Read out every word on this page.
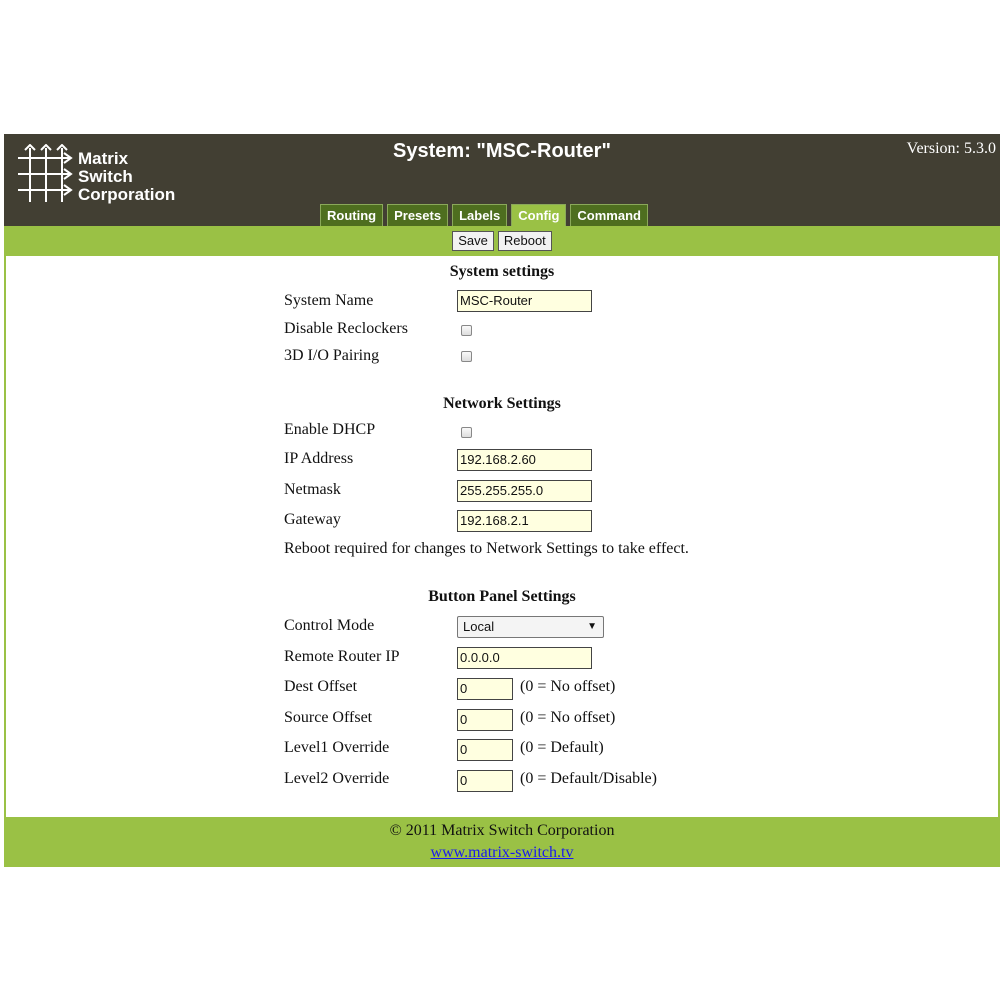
Matrix
Switch
Corporation
System: "MSC-Router"	Version: 5.3.0
Routing	Presets	Labels	Config	Command
Save Reboot
System settings
System Name	MSC-Router
Disable Reclockers
3D I/O Pairing
Network Settings
Enable DHCP
IP Address	192.168.2.60
Netmask	255.255.255.0
Gateway	192.168.2.1
Reboot required for changes to Network Settings to take effect.
Button Panel Settings
Control Mode	Local	▼
Remote Router IP	0.0.0.0
Dest Offset	0	(0 = No offset)
Source Offset	0	(0 = No offset)
Level1 Override	0	(0 = Default)
Level2 Override	0	(0 = Default/Disable)
© 2011 Matrix Switch Corporation
www.matrix-switch.tv
